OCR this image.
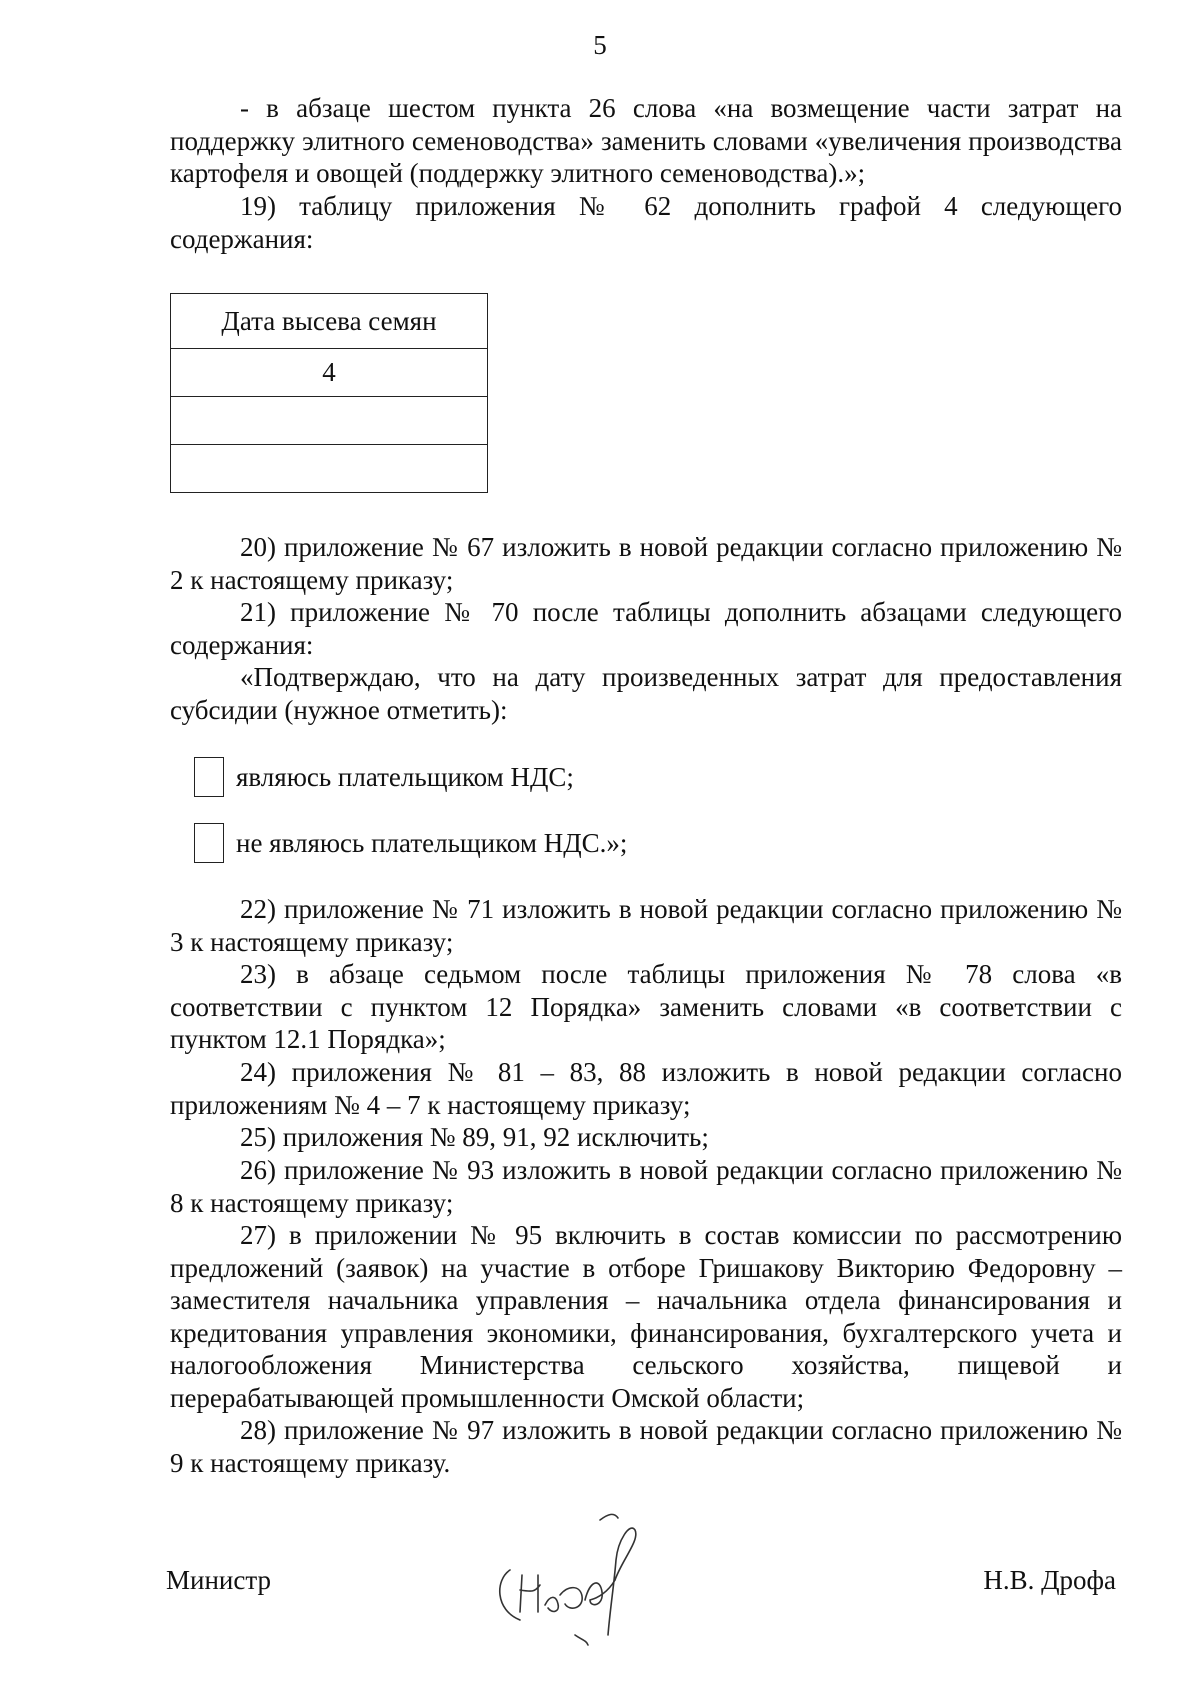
5

- в абзаце шестом пункта 26 слова «на возмещение части затрат на поддержку элитного семеноводства» заменить словами «увеличения производства картофеля и овощей (поддержку элитного семеноводства).»;

19) таблицу приложения № 62 дополнить графой 4 следующего содержания:

Дата высева семян
4

20) приложение № 67 изложить в новой редакции согласно приложению № 2 к настоящему приказу;

21) приложение № 70 после таблицы дополнить абзацами следующего содержания:

«Подтверждаю, что на дату произведенных затрат для предоставления субсидии (нужное отметить):

являюсь плательщиком НДС;
не являюсь плательщиком НДС.»;

22) приложение № 71 изложить в новой редакции согласно приложению № 3 к настоящему приказу;

23) в абзаце седьмом после таблицы приложения № 78 слова «в соответствии с пунктом 12 Порядка» заменить словами «в соответствии с пунктом 12.1 Порядка»;

24) приложения № 81 – 83, 88 изложить в новой редакции согласно приложениям № 4 – 7 к настоящему приказу;

25) приложения № 89, 91, 92 исключить;

26) приложение № 93 изложить в новой редакции согласно приложению № 8 к настоящему приказу;

27) в приложении № 95 включить в состав комиссии по рассмотрению предложений (заявок) на участие в отборе Гришакову Викторию Федоровну – заместителя начальника управления – начальника отдела финансирования и кредитования управления экономики, финансирования, бухгалтерского учета и налогообложения Министерства сельского хозяйства, пищевой и перерабатывающей промышленности Омской области;

28) приложение № 97 изложить в новой редакции согласно приложению № 9 к настоящему приказу.

Министр	Н.В. Дрофа
